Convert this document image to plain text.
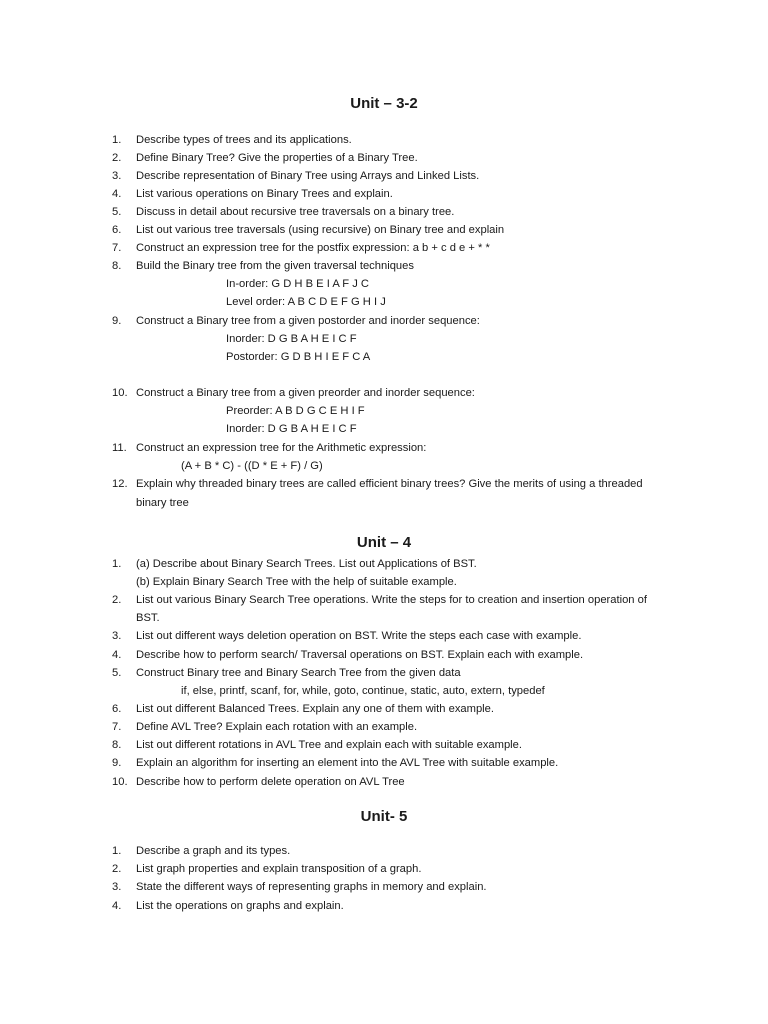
Unit – 3-2
1.	Describe types of trees and its applications.
2.	Define Binary Tree? Give the properties of a Binary Tree.
3.	Describe representation of Binary Tree using Arrays and Linked Lists.
4.	List various operations on Binary Trees and explain.
5.	Discuss in detail about recursive tree traversals on a binary tree.
6.	List out various tree traversals (using recursive) on Binary tree and explain
7.	Construct an expression tree for the postfix expression: a b + c d e + * *
8.	Build the Binary tree from the given traversal techniques
In-order: G D H B E I A F J C
Level order: A B C D E F G H I J
9.	Construct a Binary tree from a given postorder and inorder sequence:
Inorder: D G B A H E I C F
Postorder: G D B H I E F C A
10. Construct a Binary tree from a given preorder and inorder sequence:
Preorder: A B D G C E H I F
Inorder: D G B A H E I C F
11. Construct an expression tree for the Arithmetic expression:
(A + B * C) - ((D * E + F) / G)
12. Explain why threaded binary trees are called efficient binary trees? Give the merits of using a threaded
binary tree
Unit – 4
1.	(a) Describe about Binary Search Trees. List out Applications of BST.
(b) Explain Binary Search Tree with the help of suitable example.
2.	List out various Binary Search Tree operations. Write the steps for to creation and insertion operation of
BST.
3.	List out different ways deletion operation on BST. Write the steps each case with example.
4.	Describe how to perform search/ Traversal operations on BST. Explain each with example.
5.	Construct Binary tree and Binary Search Tree from the given data
if, else, printf, scanf, for, while, goto, continue, static, auto, extern, typedef
6.	List out different Balanced Trees. Explain any one of them with example.
7.	Define AVL Tree? Explain each rotation with an example.
8.	List out different rotations in AVL Tree and explain each with suitable example.
9.	Explain an algorithm for inserting an element into the AVL Tree with suitable example.
10. Describe how to perform delete operation on AVL Tree
Unit- 5
1.	Describe a graph and its types.
2.	List graph properties and explain transposition of a graph.
3.	State the different ways of representing graphs in memory and explain.
4.	List the operations on graphs and explain.
